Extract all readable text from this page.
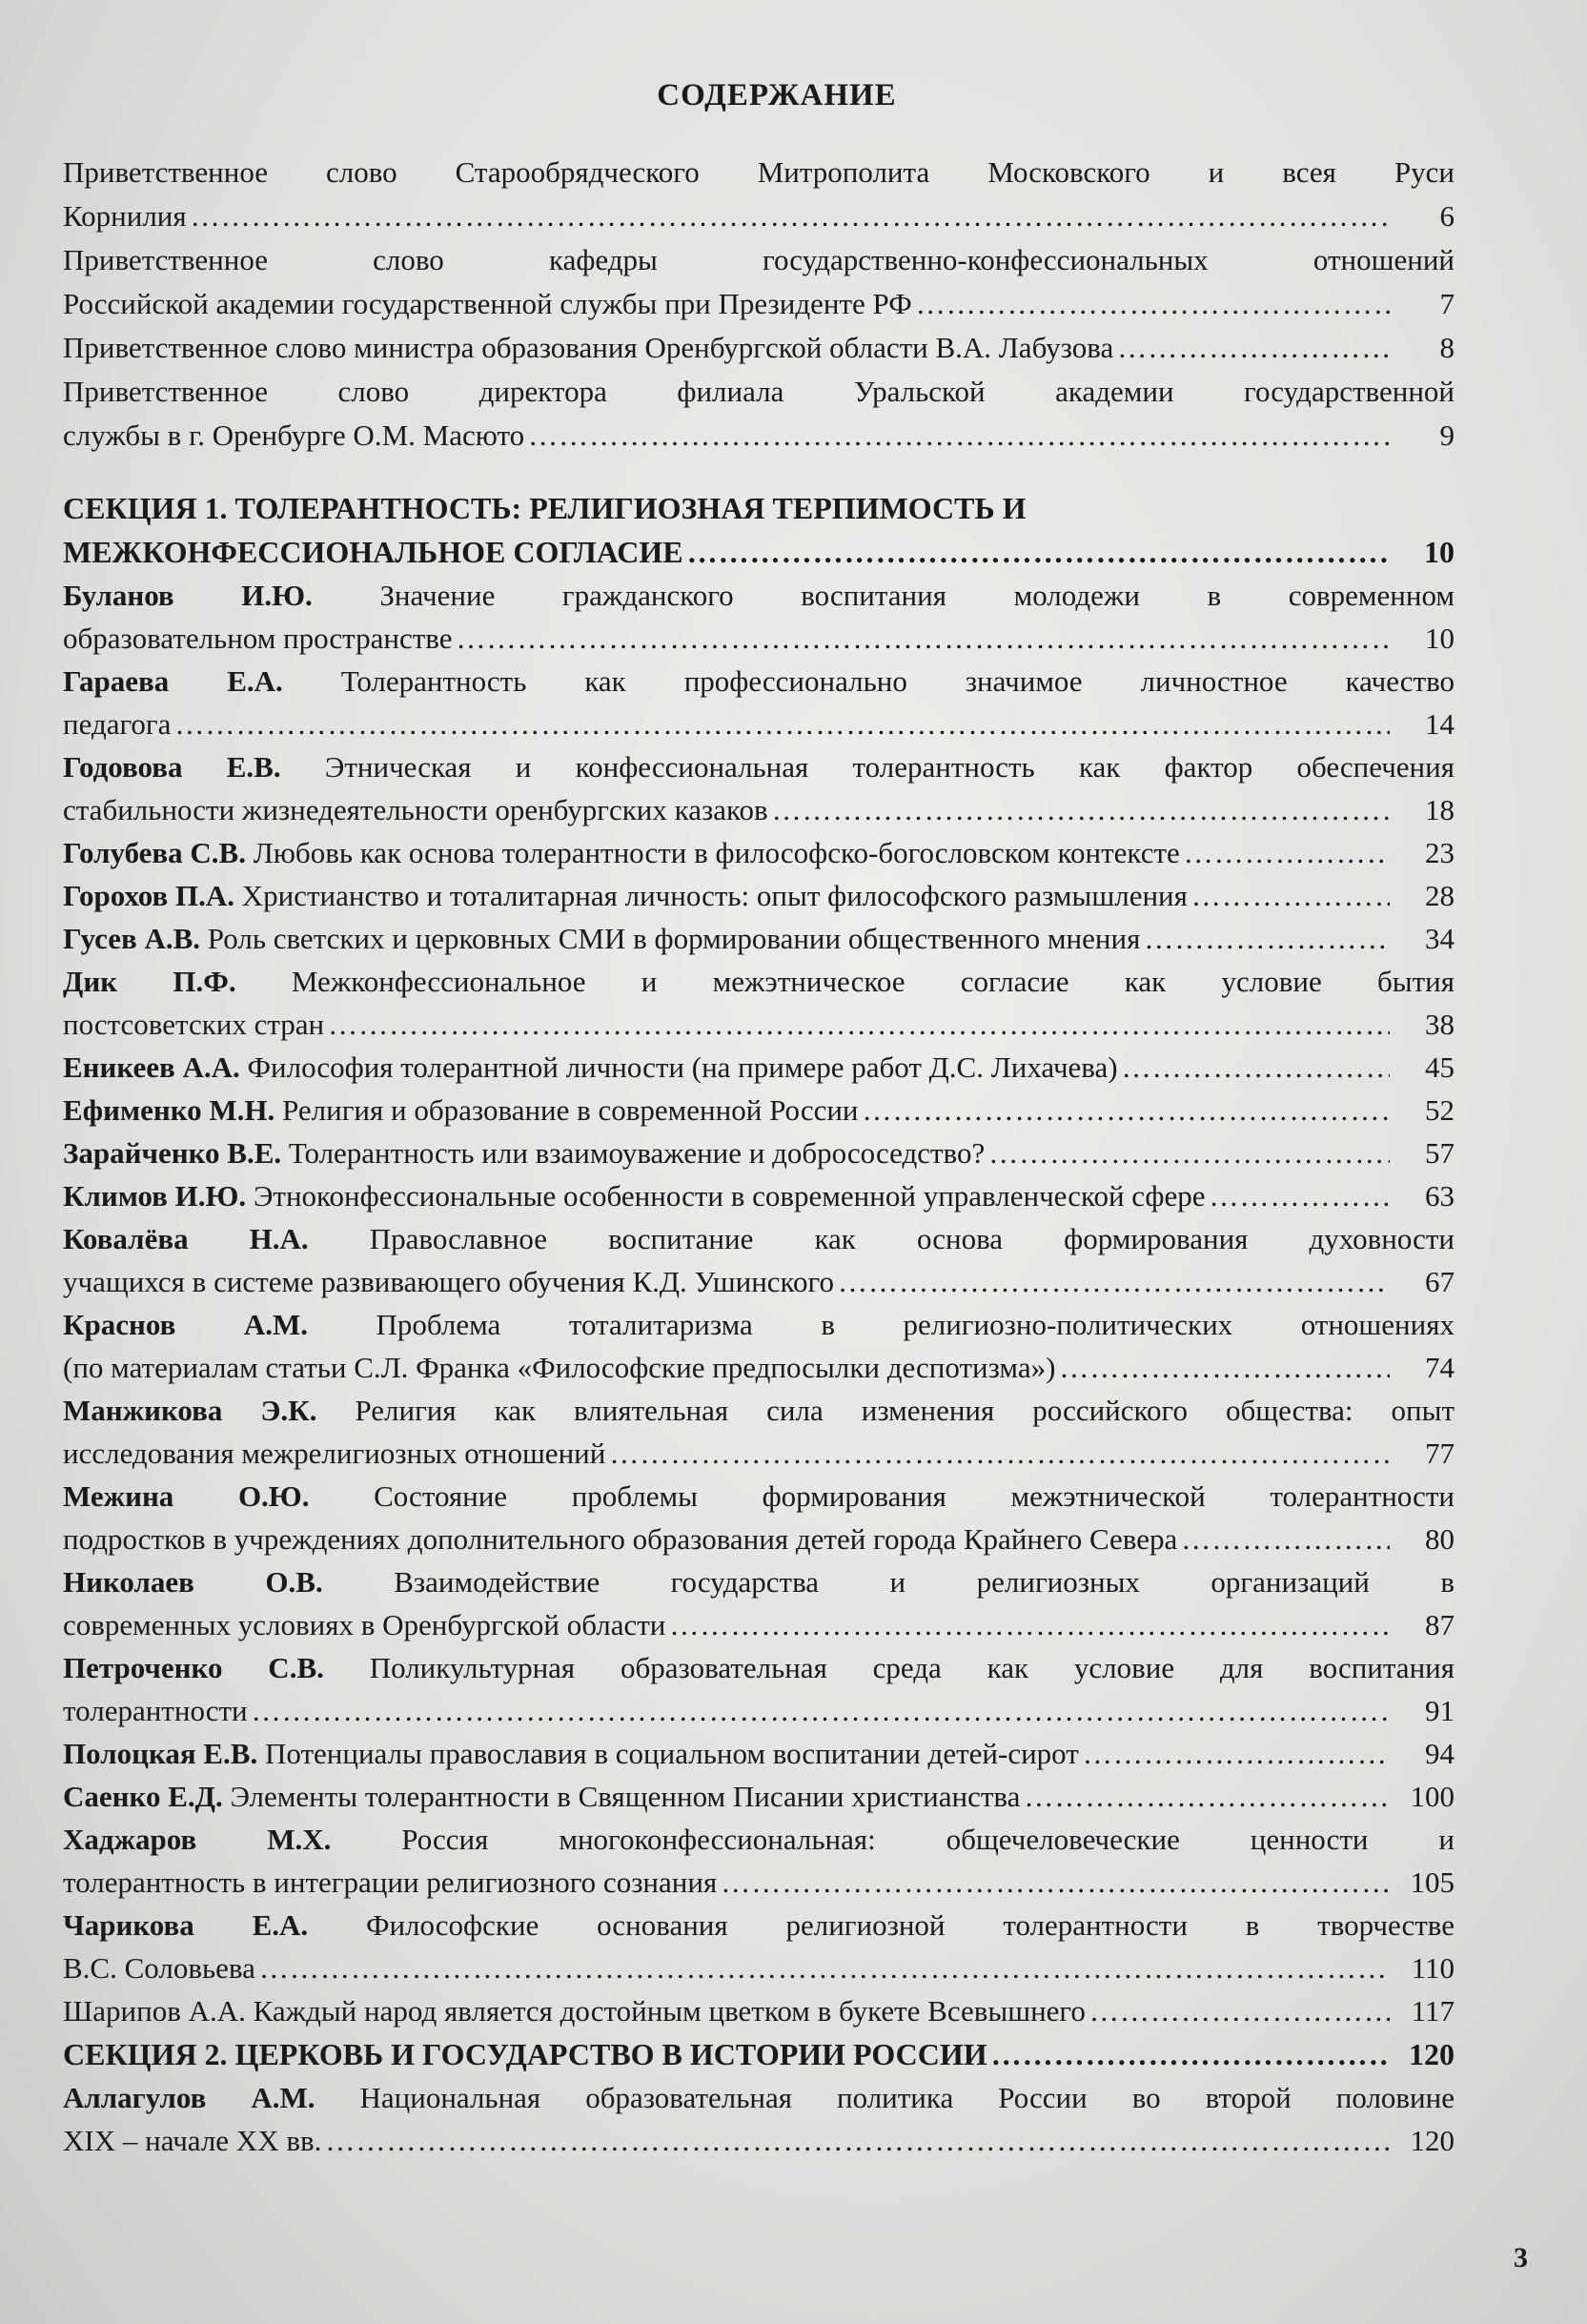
СОДЕРЖАНИЕ
Приветственное слово Старообрядческого Митрополита Московского и всея Руси
Корнилия ……………………………………………………………………………………………………………………………………………………………………………………………………………………………………	6
Приветственное слово кафедры государственно-конфессиональных отношений
Российской академии государственной службы при Президенте РФ ……………………………………………………………………………………………………………………………………………………………………………………………………………………………………	7
Приветственное слово министра образования Оренбургской области В.А. Лабузова ……………………………………………………………………………………………………………………………………………………………………………………………………………………………………	8
Приветственное слово директора филиала Уральской академии государственной
службы в г. Оренбурге О.М. Масюто ……………………………………………………………………………………………………………………………………………………………………………………………………………………………………	9
СЕКЦИЯ 1. ТОЛЕРАНТНОСТЬ: РЕЛИГИОЗНАЯ ТЕРПИМОСТЬ И
МЕЖКОНФЕССИОНАЛЬНОЕ СОГЛАСИЕ ……………………………………………………………………………………………………………………………………………………………………………………………………………………………………	10
Буланов И.Ю. Значение гражданского воспитания молодежи в современном
образовательном пространстве ……………………………………………………………………………………………………………………………………………………………………………………………………………………………………	10
Гараева Е.А. Толерантность как профессионально значимое личностное качество
педагога ……………………………………………………………………………………………………………………………………………………………………………………………………………………………………	14
Годовова Е.В. Этническая и конфессиональная толерантность как фактор обеспечения
стабильности жизнедеятельности оренбургских казаков ……………………………………………………………………………………………………………………………………………………………………………………………………………………………………	18
Голубева С.В. Любовь как основа толерантности в философско-богословском контексте ……………………………………………………………………………………………………………………………………………………………………………………………………………………………………	23
Горохов П.А. Христианство и тоталитарная личность: опыт философского размышления ……………………………………………………………………………………………………………………………………………………………………………………………………………………………………	28
Гусев А.В. Роль светских и церковных СМИ в формировании общественного мнения ……………………………………………………………………………………………………………………………………………………………………………………………………………………………………	34
Дик П.Ф. Межконфессиональное и межэтническое согласие как условие бытия
постсоветских стран ……………………………………………………………………………………………………………………………………………………………………………………………………………………………………	38
Еникеев А.А. Философия толерантной личности (на примере работ Д.С. Лихачева) ……………………………………………………………………………………………………………………………………………………………………………………………………………………………………	45
Ефименко М.Н. Религия и образование в современной России ……………………………………………………………………………………………………………………………………………………………………………………………………………………………………	52
Зарайченко В.Е. Толерантность или взаимоуважение и добрососедство? ……………………………………………………………………………………………………………………………………………………………………………………………………………………………………	57
Климов И.Ю. Этноконфессиональные особенности в современной управленческой сфере ……………………………………………………………………………………………………………………………………………………………………………………………………………………………………	63
Ковалёва Н.А. Православное воспитание как основа формирования духовности
учащихся в системе развивающего обучения К.Д. Ушинского ……………………………………………………………………………………………………………………………………………………………………………………………………………………………………	67
Краснов А.М. Проблема тоталитаризма в религиозно-политических отношениях
(по материалам статьи С.Л. Франка «Философские предпосылки деспотизма») ……………………………………………………………………………………………………………………………………………………………………………………………………………………………………	74
Манжикова Э.К. Религия как влиятельная сила изменения российского общества: опыт
исследования межрелигиозных отношений ……………………………………………………………………………………………………………………………………………………………………………………………………………………………………	77
Межина О.Ю. Состояние проблемы формирования межэтнической толерантности
подростков в учреждениях дополнительного образования детей города Крайнего Севера ……………………………………………………………………………………………………………………………………………………………………………………………………………………………………	80
Николаев О.В. Взаимодействие государства и религиозных организаций в
современных условиях в Оренбургской области ……………………………………………………………………………………………………………………………………………………………………………………………………………………………………	87
Петроченко С.В. Поликультурная образовательная среда как условие для воспитания
толерантности ……………………………………………………………………………………………………………………………………………………………………………………………………………………………………	91
Полоцкая Е.В. Потенциалы православия в социальном воспитании детей-сирот ……………………………………………………………………………………………………………………………………………………………………………………………………………………………………	94
Саенко Е.Д. Элементы толерантности в Священном Писании христианства ……………………………………………………………………………………………………………………………………………………………………………………………………………………………………	100
Хаджаров М.Х. Россия многоконфессиональная: общечеловеческие ценности и
толерантность в интеграции религиозного сознания ……………………………………………………………………………………………………………………………………………………………………………………………………………………………………	105
Чарикова Е.А. Философские основания религиозной толерантности в творчестве
В.С. Соловьева ……………………………………………………………………………………………………………………………………………………………………………………………………………………………………	110
Шарипов А.А. Каждый народ является достойным цветком в букете Всевышнего ……………………………………………………………………………………………………………………………………………………………………………………………………………………………………	117
СЕКЦИЯ 2. ЦЕРКОВЬ И ГОСУДАРСТВО В ИСТОРИИ РОССИИ ……………………………………………………………………………………………………………………………………………………………………………………………………………………………………	120
Аллагулов А.М. Национальная образовательная политика России во второй половине
XIX – начале XX вв. ……………………………………………………………………………………………………………………………………………………………………………………………………………………………………	120
3
